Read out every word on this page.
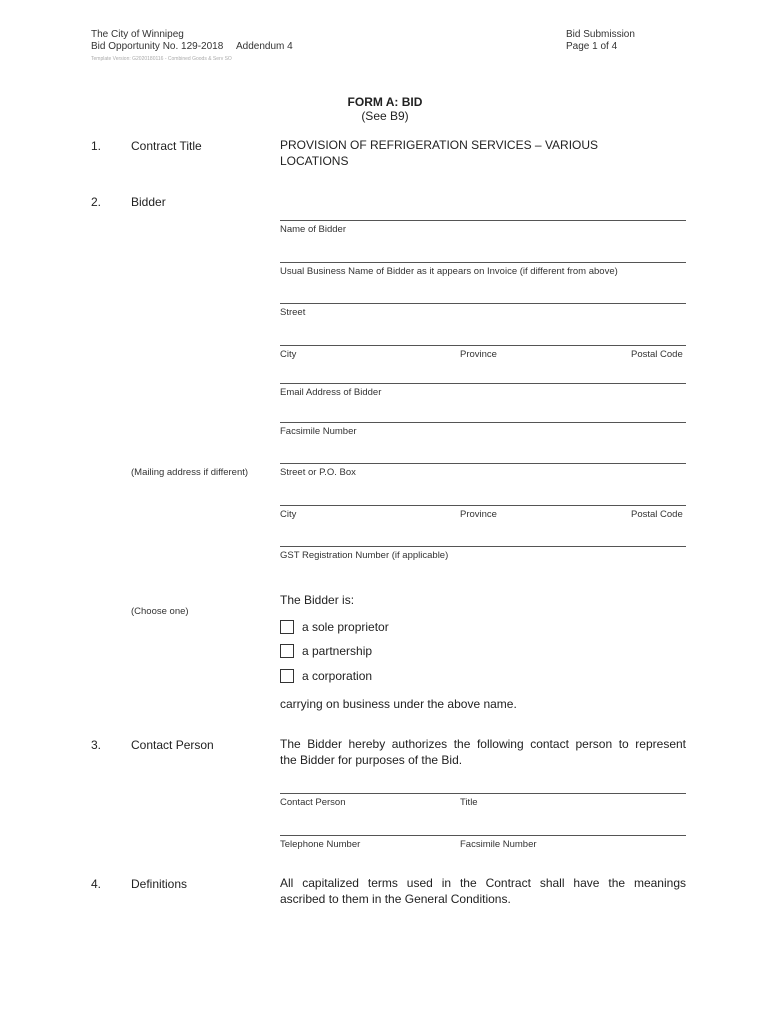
The City of Winnipeg
Bid Opportunity No. 129-2018 Addendum 4
Template Version: G2020180116 - Combined Goods & Serv SO
Bid Submission
Page 1 of 4
FORM A: BID
(See B9)
1. Contract Title	PROVISION OF REFRIGERATION SERVICES – VARIOUS
LOCATIONS
2. Bidder
Name of Bidder
Usual Business Name of Bidder as it appears on Invoice (if different from above)
Street
City	Province	Postal Code
Email Address of Bidder
Facsimile Number
(Mailing address if different)	Street or P.O. Box
City	Province	Postal Code
GST Registration Number (if applicable)
(Choose one)
The Bidder is:
a sole proprietor
a partnership
a corporation
carrying on business under the above name.
3. Contact Person	The Bidder hereby authorizes the following contact person to represent
the Bidder for purposes of the Bid.
Contact Person	Title
Telephone Number	Facsimile Number
4. Definitions	All capitalized terms used in the Contract shall have the meanings
ascribed to them in the General Conditions.
